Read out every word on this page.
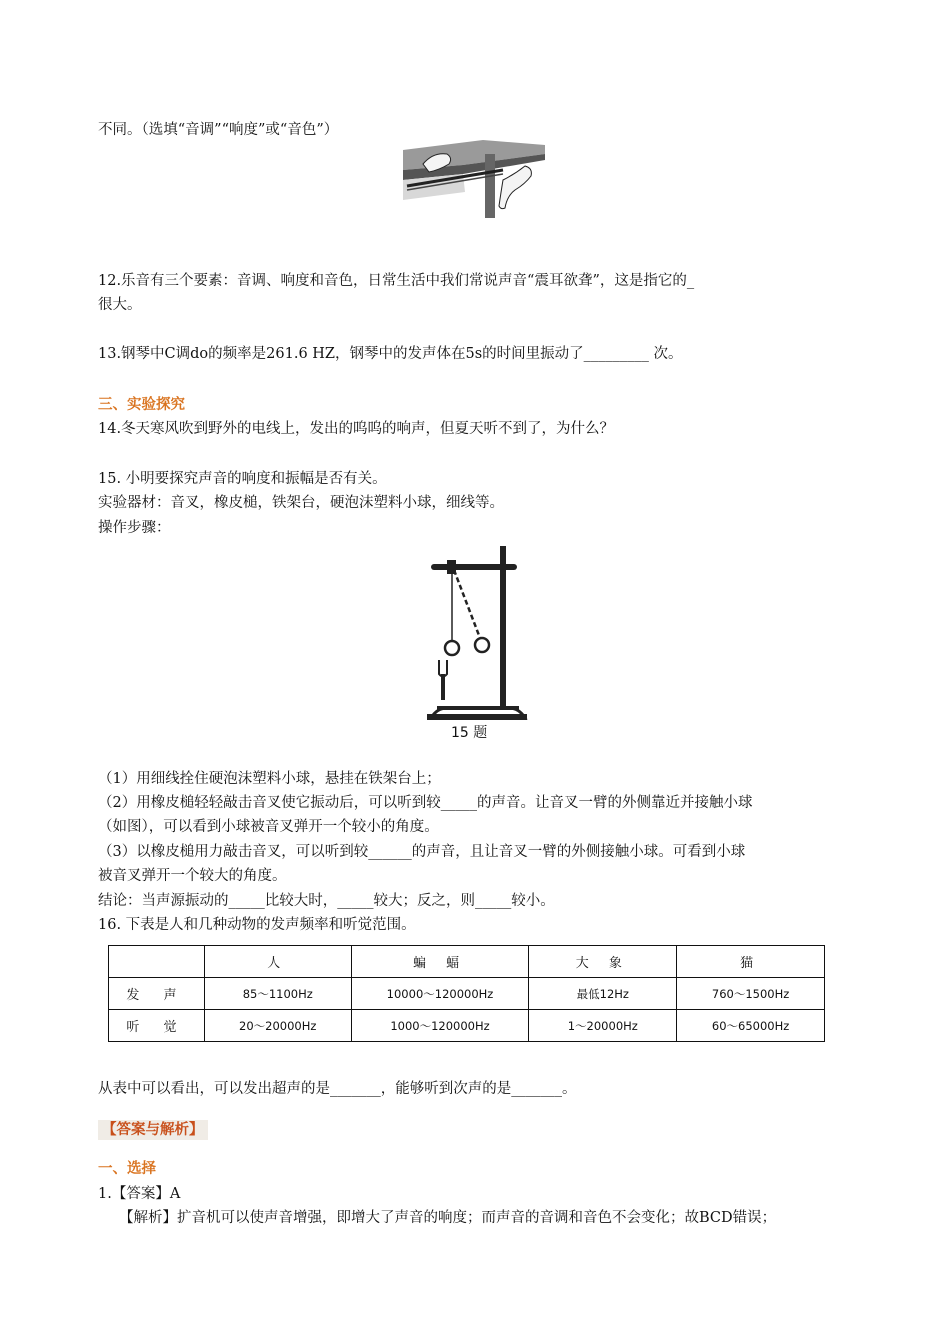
不同。（选填“音调”“响度”或“音色”）
12.乐音有三个要素：音调、响度和音色，日常生活中我们常说声音“震耳欲聋”，这是指它的_
很大。
13.钢琴中C调do的频率是261.6 HZ，钢琴中的发声体在5s的时间里振动了_________ 次。
三、实验探究
14.冬天寒风吹到野外的电线上，发出的呜呜的响声，但夏天听不到了，为什么？
15. 小明要探究声音的响度和振幅是否有关。
实验器材：音叉，橡皮槌，铁架台，硬泡沫塑料小球，细线等。
操作步骤：
15 题
（1）用细线拴住硬泡沫塑料小球，悬挂在铁架台上；
（2）用橡皮槌轻轻敲击音叉使它振动后，可以听到较_____的声音。让音叉一臂的外侧靠近并接触小球
（如图），可以看到小球被音叉弹开一个较小的角度。
（3）以橡皮槌用力敲击音叉，可以听到较______的声音，且让音叉一臂的外侧接触小球。可看到小球
被音叉弹开一个较大的角度。
结论：当声源振动的_____比较大时，_____较大；反之，则_____较小。
16. 下表是人和几种动物的发声频率和听觉范围。
	人	蝙 蝠	大 象	猫
发 声	85～1100Hz	10000～120000Hz	最低12Hz	760～1500Hz
听 觉	20～20000Hz	1000～120000Hz	1～20000Hz	60～65000Hz
从表中可以看出，可以发出超声的是_______，能够听到次声的是_______。
【答案与解析】
一、选择
1.【答案】A
【解析】扩音机可以使声音增强，即增大了声音的响度；而声音的音调和音色不会变化；故BCD错误；
